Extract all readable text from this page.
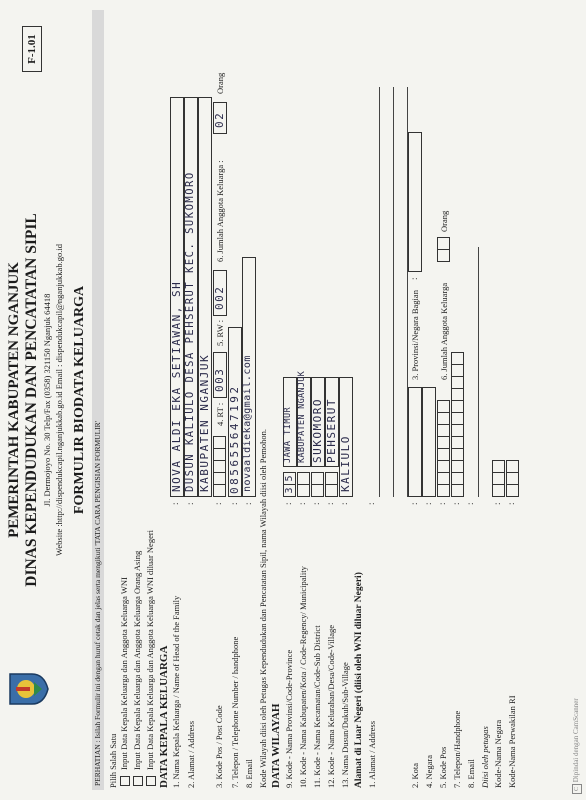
PEMERINTAH KABUPATEN NGANJUK DINAS KEPENDUDUKAN DAN PENCATATAN SIPIL Jl. Dermojoyo No. 30 Telp/Fax (0358) 321150 Nganjuk 64418 Website :http://dispendukcapil.nganjukkab.go.id Email : dispendukcapil@nganjukkab.go.id
F-1.01
FORMULIR BIODATA KELUARGA
PERHATIAN : Isilah Formulir ini dengan huruf cetak dan jelas serta mengikuti 'TATA CARA PENGISIAN FORMULIR' Pilih Salah Satu Input Data Kepala Keluarga dan Anggota Keluarga WNI Input Data Kepala Keluarga dan Anggota Keluarga Orang Asing Input Data Kepala Keluarga dan Anggota Keluarga WNI diluar Negeri DATA KEPALA KELUARGA 1. Nama Kepala Keluarga / Name of Head of the Family
:
NOVA ALDI EKA SETIAWAN, SH
2. Alamat / Address
:
DUSUN KALIULO DESA PEHSERUT KEC. SUKOMORO KABUPATEN NGANJUK
3. Kode Pos / Post Code
:
4. RT :
003
5. RW :
002
6. Jumlah Anggota Keluarga :
02
Orang
7. Telepon / Telephone Number / handphone
:
085655647192
8. Email
:
novaaldieka@gmail.com
Kode Wilayah diisi oleh Petugas Kependudukan dan Pencatatan Sipil, nama Wilayah diisi oleh Pemohon. DATA WILAYAH 9. Kode - Nama Provinsi/Code-Province
:
3
5
JAWA TIMUR
10. Kode - Nama Kabupaten/Kota / Code-Regency/ Municipality
:
KABUPATEN NGANJUK
11. Kode - Nama Kecamatan/Code-Sub District
:
SUKOMORO
12. Kode - Nama Kelurahan/Desa/Code-Village
:
PEHSERUT
13. Nama Dusun/Dukuh/Sub-Village
:
KALIULO
Alamat di Luar Negeri (diisi oleh WNI diluar Negeri) 1. Alamat / Address
:
2. Kota
:
3. Provinsi/Negara Bagian
:
4. Negara
:
5. Kode Pos
:
6. Jumlah Anggota Keluarga
Orang
7. Telepon/Handphone
:
8. Email
:
Diisi oleh petugas Kode-Nama Negara
:
Kode-Nama Perwakilan RI
:
C Dipindai dengan CamScanner
